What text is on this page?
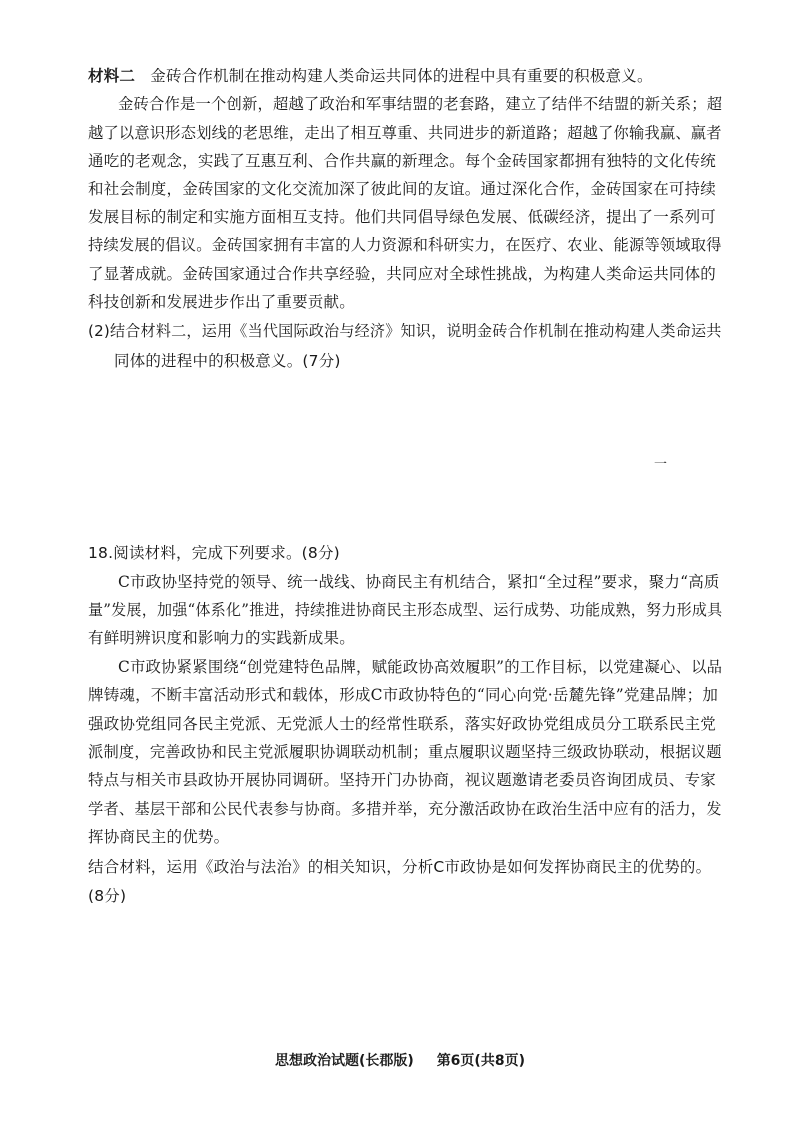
材料二 金砖合作机制在推动构建人类命运共同体的进程中具有重要的积极意义。
金砖合作是一个创新，超越了政治和军事结盟的老套路，建立了结伴不结盟的新关系；超
越了以意识形态划线的老思维，走出了相互尊重、共同进步的新道路；超越了你输我赢、赢者
通吃的老观念，实践了互惠互利、合作共赢的新理念。每个金砖国家都拥有独特的文化传统
和社会制度，金砖国家的文化交流加深了彼此间的友谊。通过深化合作，金砖国家在可持续
发展目标的制定和实施方面相互支持。他们共同倡导绿色发展、低碳经济，提出了一系列可
持续发展的倡议。金砖国家拥有丰富的人力资源和科研实力，在医疗、农业、能源等领域取得
了显著成就。金砖国家通过合作共享经验，共同应对全球性挑战，为构建人类命运共同体的
科技创新和发展进步作出了重要贡献。
(2)结合材料二，运用《当代国际政治与经济》知识，说明金砖合作机制在推动构建人类命运共
同体的进程中的积极意义。(7分)
一
18.阅读材料，完成下列要求。(8分)
C市政协坚持党的领导、统一战线、协商民主有机结合，紧扣“全过程”要求，聚力“高质
量”发展，加强“体系化”推进，持续推进协商民主形态成型、运行成势、功能成熟，努力形成具
有鲜明辨识度和影响力的实践新成果。
C市政协紧紧围绕“创党建特色品牌，赋能政协高效履职”的工作目标，以党建凝心、以品
牌铸魂，不断丰富活动形式和载体，形成C市政协特色的“同心向党·岳麓先锋”党建品牌；加
强政协党组同各民主党派、无党派人士的经常性联系，落实好政协党组成员分工联系民主党
派制度，完善政协和民主党派履职协调联动机制；重点履职议题坚持三级政协联动，根据议题
特点与相关市县政协开展协同调研。坚持开门办协商，视议题邀请老委员咨询团成员、专家
学者、基层干部和公民代表参与协商。多措并举，充分激活政协在政治生活中应有的活力，发
挥协商民主的优势。
结合材料，运用《政治与法治》的相关知识，分析C市政协是如何发挥协商民主的优势的。
(8分)
思想政治试题(长郡版) 第6页(共8页)
